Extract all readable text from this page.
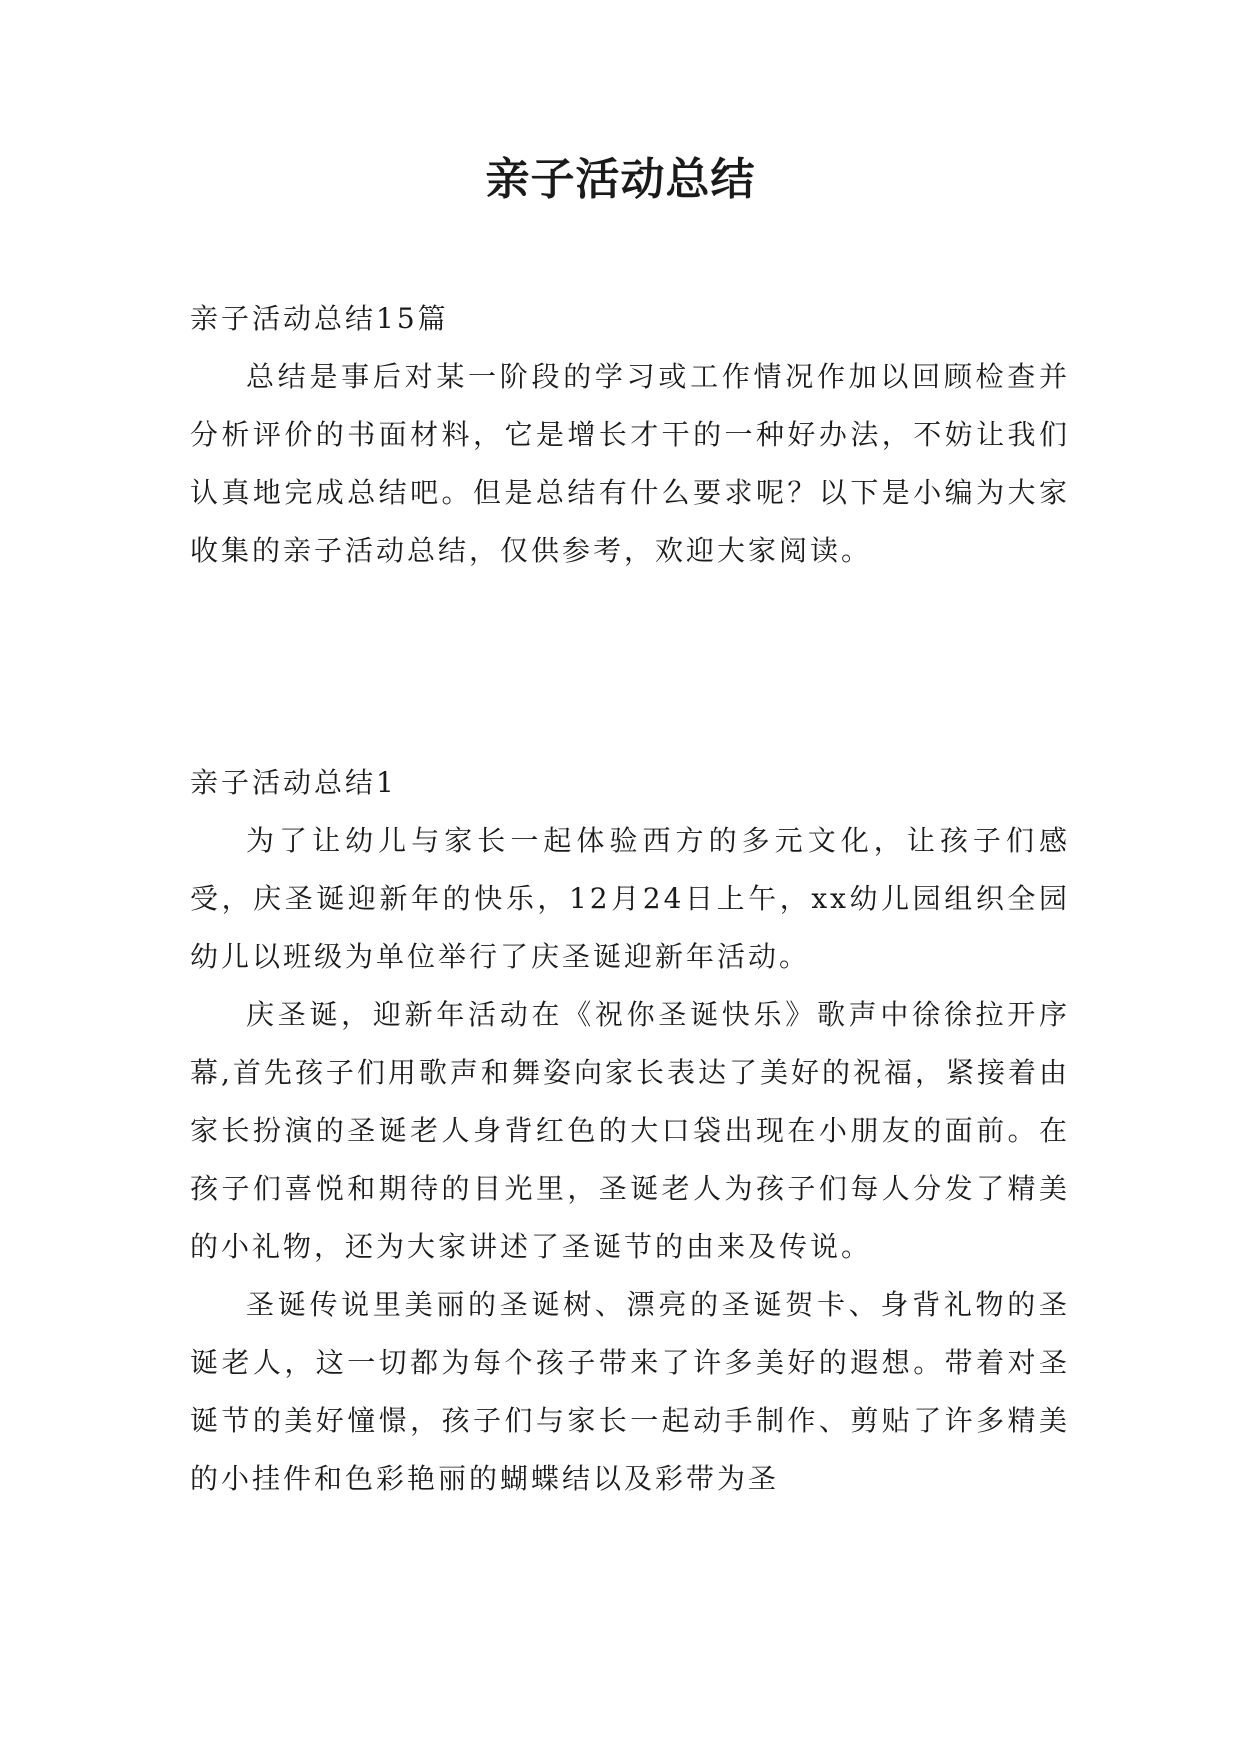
亲子活动总结

亲子活动总结15篇

总结是事后对某一阶段的学习或工作情况作加以回顾检查并分析评价的书面材料，它是增长才干的一种好办法，不妨让我们认真地完成总结吧。但是总结有什么要求呢？以下是小编为大家收集的亲子活动总结，仅供参考，欢迎大家阅读。

亲子活动总结1

为了让幼儿与家长一起体验西方的多元文化，让孩子们感受，庆圣诞迎新年的快乐，12月24日上午，xx幼儿园组织全园幼儿以班级为单位举行了庆圣诞迎新年活动。

庆圣诞，迎新年活动在《祝你圣诞快乐》歌声中徐徐拉开序幕,首先孩子们用歌声和舞姿向家长表达了美好的祝福，紧接着由家长扮演的圣诞老人身背红色的大口袋出现在小朋友的面前。在孩子们喜悦和期待的目光里，圣诞老人为孩子们每人分发了精美的小礼物，还为大家讲述了圣诞节的由来及传说。

圣诞传说里美丽的圣诞树、漂亮的圣诞贺卡、身背礼物的圣诞老人，这一切都为每个孩子带来了许多美好的遐想。带着对圣诞节的美好憧憬，孩子们与家长一起动手制作、剪贴了许多精美的小挂件和色彩艳丽的蝴蝶结以及彩带为圣
